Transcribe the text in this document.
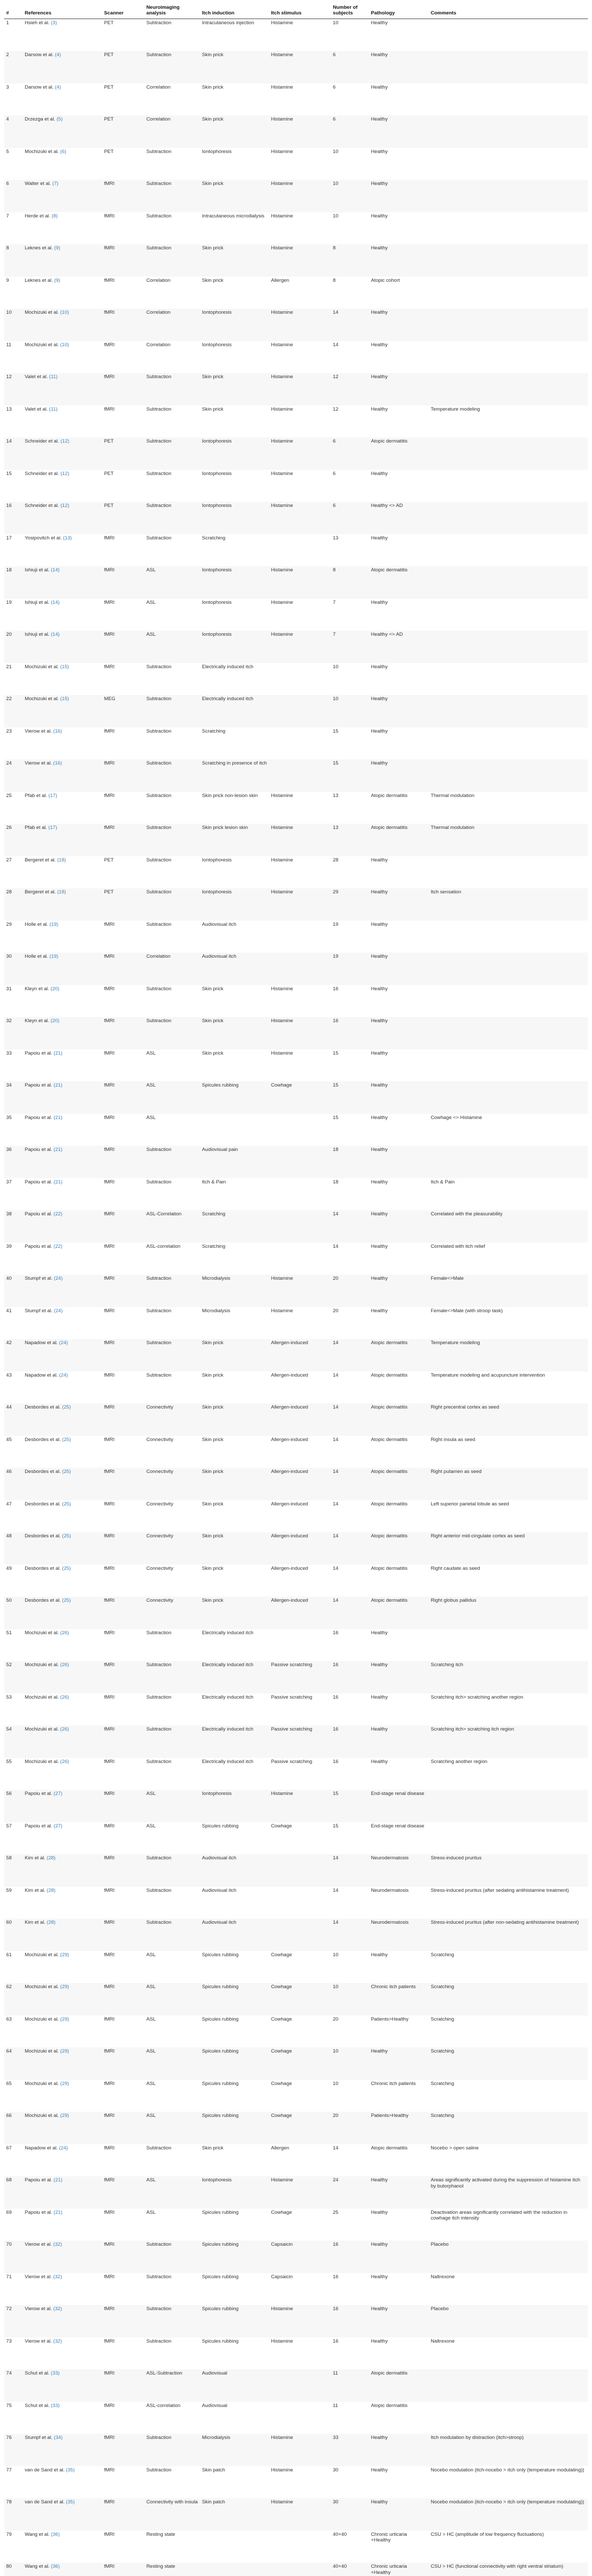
#	References	Scanner	Neuroimaging analysis	Itch induction	Itch stimulus	Number of subjects	Pathology	Comments
1	Hsieh et al. (3)	PET	Subtraction	Intracutaneous injection	Histamine	10	Healthy	
2	Darsow et al. (4)	PET	Subtraction	Skin prick	Histamine	6	Healthy	
3	Darsow et al. (4)	PET	Correlation	Skin prick	Histamine	6	Healthy	
4	Drzezga et al. (5)	PET	Correlation	Skin prick	Histamine	6	Healthy	
5	Mochizuki et al. (6)	PET	Subtraction	Iontophoresis	Histamine	10	Healthy	
6	Walter et al. (7)	fMRI	Subtraction	Skin prick	Histamine	10	Healthy	
7	Herde et al. (8)	fMRI	Subtraction	Intracutaneous microdialysis	Histamine	10	Healthy	
8	Leknes et al. (9)	fMRI	Subtraction	Skin prick	Histamine	8	Healthy	
9	Leknes et al. (9)	fMRI	Correlation	Skin prick	Allergen	8	Atopic cohort	
10	Mochizuki et al. (10)	fMRI	Correlation	Iontophoresis	Histamine	14	Healthy	
11	Mochizuki et al. (10)	fMRI	Correlation	Iontophoresis	Histamine	14	Healthy	
12	Valet et al. (11)	fMRI	Subtraction	Skin prick	Histamine	12	Healthy	
13	Valet et al. (11)	fMRI	Subtraction	Skin prick	Histamine	12	Healthy	Temperature modeling
14	Schneider et al. (12)	PET	Subtraction	Iontophoresis	Histamine	6	Atopic dermatitis	
15	Schneider et al. (12)	PET	Subtraction	Iontophoresis	Histamine	6	Healthy	
16	Schneider et al. (12)	PET	Subtraction	Iontophoresis	Histamine	6	Healthy <> AD	
17	Yosipovitch et al. (13)	fMRI	Subtraction	Scratching		13	Healthy	
18	Ishiuji et al. (14)	fMRI	ASL	Iontophoresis	Histamine	8	Atopic dermatitis	
19	Ishiuji et al. (14)	fMRI	ASL	Iontophoresis	Histamine	7	Healthy	
20	Ishiuji et al. (14)	fMRI	ASL	Iontophoresis	Histamine	7	Healthy <> AD	
21	Mochizuki et al. (15)	fMRI	Subtraction	Electrically induced itch		10	Healthy	
22	Mochizuki et al. (15)	MEG	Subtraction	Electrically induced itch		10	Healthy	
23	Vierow et al. (16)	fMRI	Subtraction	Scratching		15	Healthy	
24	Vierow et al. (16)	fMRI	Subtraction	Scratching in presence of itch		15	Healthy	
25	Pfab et al. (17)	fMRI	Subtraction	Skin prick non-lesion skin	Histamine	13	Atopic dermatitis	Thermal modulation
26	Pfab et al. (17)	fMRI	Subtraction	Skin prick lesion skin	Histamine	13	Atopic dermatitis	Thermal modulation
27	Bergeret et al. (18)	PET	Subtraction	Iontophoresis	Histamine	28	Healthy	
28	Bergeret et al. (18)	PET	Subtraction	Iontophoresis	Histamine	29	Healthy	Itch sensation
29	Holle et al. (19)	fMRI	Subtraction	Audiovisual itch		19	Healthy	
30	Holle et al. (19)	fMRI	Correlation	Audiovisual itch		19	Healthy	
31	Kleyn et al. (20)	fMRI	Subtraction	Skin prick	Histamine	16	Healthy	
32	Kleyn et al. (20)	fMRI	Subtraction	Skin prick	Histamine	16	Healthy	
33	Papoiu et al. (21)	fMRI	ASL	Skin prick	Histamine	15	Healthy	
34	Papoiu et al. (21)	fMRI	ASL	Spicules rubbing	Cowhage	15	Healthy	
35	Papoiu et al. (21)	fMRI	ASL			15	Healthy	Cowhage <> Histamine
36	Papoiu et al. (21)	fMRI	Subtraction	Audiovisual pain		18	Healthy	
37	Papoiu et al. (21)	fMRI	Subtraction	Itch & Pain		18	Healthy	Itch & Pain
38	Papoiu et al. (22)	fMRI	ASL-Correlation	Scratching		14	Healthy	Correlated with the pleasurability
39	Papoiu et al. (22)	fMRI	ASL-correlation	Scratching		14	Healthy	Correlated with itch relief
40	Stumpf et al. (24)	fMRI	Subtraction	Microdialysis	Histamine	20	Healthy	Female<>Male
41	Stumpf et al. (24)	fMRI	Subtraction	Microdialysis	Histamine	20	Healthy	Female<>Male (with stroop task)
42	Napadow et al. (24)	fMRI	Subtraction	Skin prick	Allergen-induced	14	Atopic dermatitis	Temperature modeling
43	Napadow et al. (24)	fMRI	Subtraction	Skin prick	Allergen-induced	14	Atopic dermatitis	Temperature modeling and acupuncture intervention
44	Desbordes et al. (25)	fMRI	Connectivity	Skin prick	Allergen-induced	14	Atopic dermatitis	Right precentral cortex as seed
45	Desbordes et al. (25)	fMRI	Connectivity	Skin prick	Allergen-induced	14	Atopic dermatitis	Right insula as seed
46	Desbordes et al. (25)	fMRI	Connectivity	Skin prick	Allergen-induced	14	Atopic dermatitis	Right putamen as seed
47	Desbordes et al. (25)	fMRI	Connectivity	Skin prick	Allergen-induced	14	Atopic dermatitis	Left superior parietal lobule as seed
48	Desbordes et al. (25)	fMRI	Connectivity	Skin prick	Allergen-induced	14	Atopic dermatitis	Right anterior mid-cingulate cortex as seed
49	Desbordes et al. (25)	fMRI	Connectivity	Skin prick	Allergen-induced	14	Atopic dermatitis	Right caudate as seed
50	Desbordes et al. (25)	fMRI	Connectivity	Skin prick	Allergen-induced	14	Atopic dermatitis	Right globus pallidus
51	Mochizuki et al. (26)	fMRI	Subtraction	Electrically induced itch		16	Healthy	
52	Mochizuki et al. (26)	fMRI	Subtraction	Electrically induced itch	Passive scratching	16	Healthy	Scratching itch
53	Mochizuki et al. (26)	fMRI	Subtraction	Electrically induced itch	Passive scratching	16	Healthy	Scratching itch> scratching another region
54	Mochizuki et al. (26)	fMRI	Subtraction	Electrically induced itch	Passive scratching	16	Healthy	Scratching itch> scratching itch region
55	Mochizuki et al. (26)	fMRI	Subtraction	Electrically induced itch	Passive scratching	16	Healthy	Scratching another region
56	Papoiu et al. (27)	fMRI	ASL	Iontophoresis	Histamine	15	End-stage renal disease	
57	Papoiu et al. (27)	fMRI	ASL	Spicules rubbing	Cowhage	15	End-stage renal disease	
58	Kim et al. (28)	fMRI	Subtraction	Audiovisual itch		14	Neurodermatosis	Stress-induced pruritus
59	Kim et al. (28)	fMRI	Subtraction	Audiovisual itch		14	Neurodermatosis	Stress-induced pruritus (after sedating antihistamine treatment)
60	Kim et al. (28)	fMRI	Subtraction	Audiovisual itch		14	Neurodermatosis	Stress-induced pruritus (after non-sedating antihistamine treatment)
61	Mochizuki et al. (29)	fMRI	ASL	Spicules rubbing	Cowhage	10	Healthy	Scratching
62	Mochizuki et al. (29)	fMRI	ASL	Spicules rubbing	Cowhage	10	Chronic itch patients	Scratching
63	Mochizuki et al. (29)	fMRI	ASL	Spicules rubbing	Cowhage	20	Patients>Healthy	Scratching
64	Mochizuki et al. (29)	fMRI	ASL	Spicules rubbing	Cowhage	10	Healthy	Scratching
65	Mochizuki et al. (29)	fMRI	ASL	Spicules rubbing	Cowhage	10	Chronic itch patients	Scratching
66	Mochizuki et al. (29)	fMRI	ASL	Spicules rubbing	Cowhage	20	Patients>Healthy	Scratching
67	Napadow et al. (24)	fMRI	Subtraction	Skin prick	Allergen	14	Atopic dermatitis	Nocebo > open saline
68	Papoiu et al. (21)	fMRI	ASL	Iontophoresis	Histamine	24	Healthy	Areas significantly activated during the suppression of histamine itch by butorphanol
69	Papoiu et al. (21)	fMRI	ASL	Spicules rubbing	Cowhage	25	Healthy	Deactivation areas significantly correlated with the reduction in cowhage itch intensity
70	Vierow et al. (32)	fMRI	Subtraction	Spicules rubbing	Capsaicin	16	Healthy	Placebo
71	Vierow et al. (32)	fMRI	Subtraction	Spicules rubbing	Capsaicin	16	Healthy	Naltrexone
72	Vierow et al. (32)	fMRI	Subtraction	Spicules rubbing	Histamine	16	Healthy	Placebo
73	Vierow et al. (32)	fMRI	Subtraction	Spicules rubbing	Histamine	16	Healthy	Naltrexone
74	Schut et al. (33)	fMRI	ASL-Subtraction	Audiovisual		11	Atopic dermatitis	
75	Schut et al. (33)	fMRI	ASL-correlation	Audiovisual		11	Atopic dermatitis	
76	Stumpf et al. (34)	fMRI	Subtraction	Microdialysis	Histamine	33	Healthy	Itch modulation by distraction (itch>stroop)
77	van de Sand et al. (35)	fMRI	Subtraction	Skin patch	Histamine	30	Healthy	Nocebo modulation (itch-nocebo > itch only (temperature modulating))
78	van de Sand et al. (35)	fMRI	Connectivity with insula	Skin patch	Histamine	30	Healthy	Nocebo modulation (itch-nocebo > itch only (temperature modulating))
79	Wang et al. (36)	fMRI	Resting state			40+40	Chronic urticaria +Healthy	CSU > HC (amplitude of low frequency fluctuations)
80	Wang et al. (36)	fMRI	Resting state			40+40	Chronic urticaria +Healthy	CSU > HC (functional connectivity with right ventral striatum)
